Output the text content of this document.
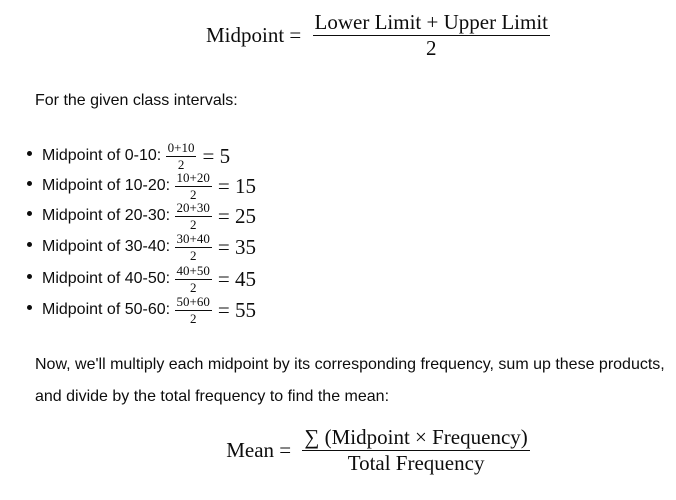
Midpoint = $\frac{\text{Lower Limit + Upper Limit}}{2}$
For the given class intervals:
Midpoint of 0-10:
$\frac{0+10}{2} = 5$
Midpoint of 10-20:
$\frac{10+20}{2} = 15$
Midpoint of 20-30:
$\frac{20+30}{2} = 25$
Midpoint of 30-40:
$\frac{30+40}{2} = 35$
Midpoint of 40-50:
$\frac{40+50}{2} = 45$
Midpoint of 50-60:
$\frac{50+60}{2} = 55$
Now, we'll multiply each midpoint by its corresponding frequency, sum up these products, and divide by the total frequency to find the mean:
Mean = $\frac{\text{∑ (Midpoint × Frequency)}}{\text{Total Frequency}}$
